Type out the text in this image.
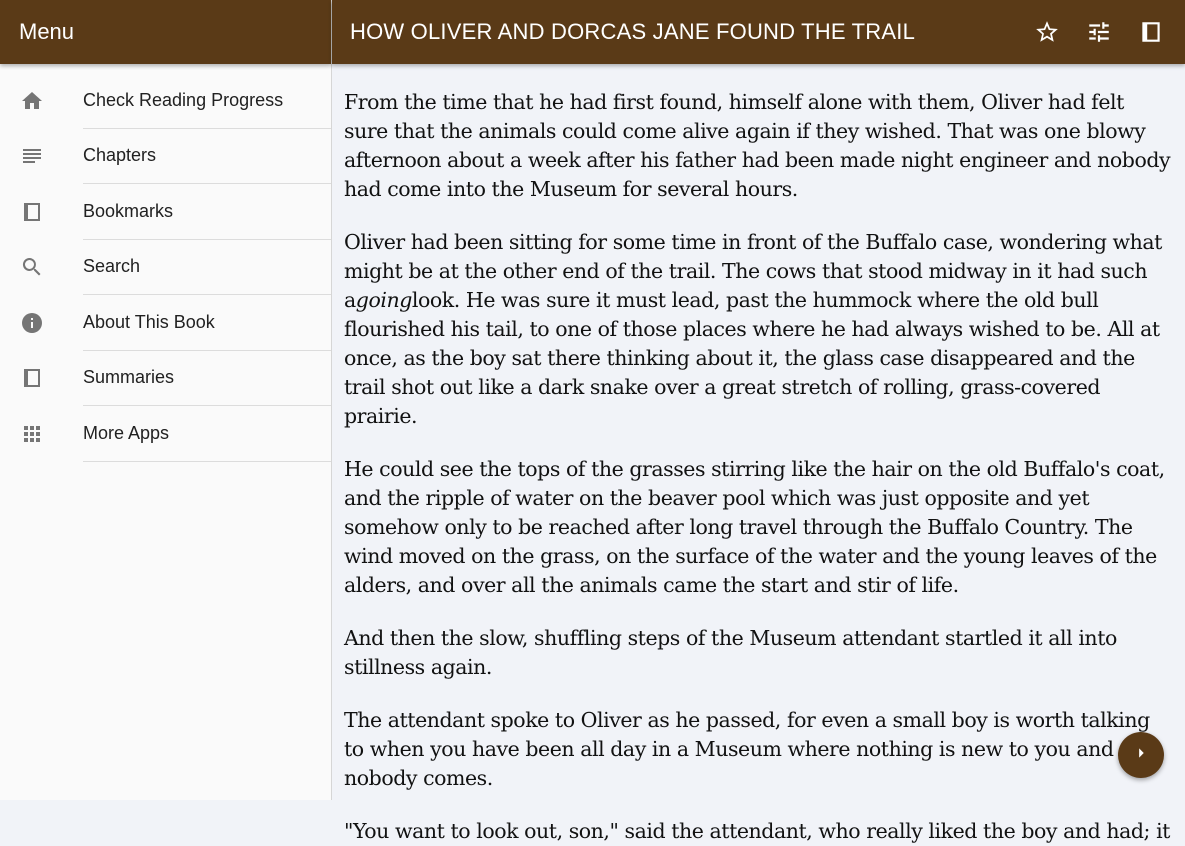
Menu
Check Reading Progress
Chapters
Bookmarks
Search
About This Book
Summaries
More Apps
HOW OLIVER AND DORCAS JANE FOUND THE TRAIL

From the time that he had first found, himself alone with them, Oliver had felt sure that the animals could come alive again if they wished. That was one blowy afternoon about a week after his father had been made night engineer and nobody had come into the Museum for several hours.

Oliver had been sitting for some time in front of the Buffalo case, wondering what might be at the other end of the trail. The cows that stood midway in it had such agoinglook. He was sure it must lead, past the hummock where the old bull flourished his tail, to one of those places where he had always wished to be. All at once, as the boy sat there thinking about it, the glass case disappeared and the trail shot out like a dark snake over a great stretch of rolling, grass-covered prairie.

He could see the tops of the grasses stirring like the hair on the old Buffalo's coat, and the ripple of water on the beaver pool which was just opposite and yet somehow only to be reached after long travel through the Buffalo Country. The wind moved on the grass, on the surface of the water and the young leaves of the alders, and over all the animals came the start and stir of life.

And then the slow, shuffling steps of the Museum attendant startled it all into stillness again.

The attendant spoke to Oliver as he passed, for even a small boy is worth talking to when you have been all day in a Museum where nothing is new to you and nobody comes.

"You want to look out, son," said the attendant, who really liked the boy and had; it
